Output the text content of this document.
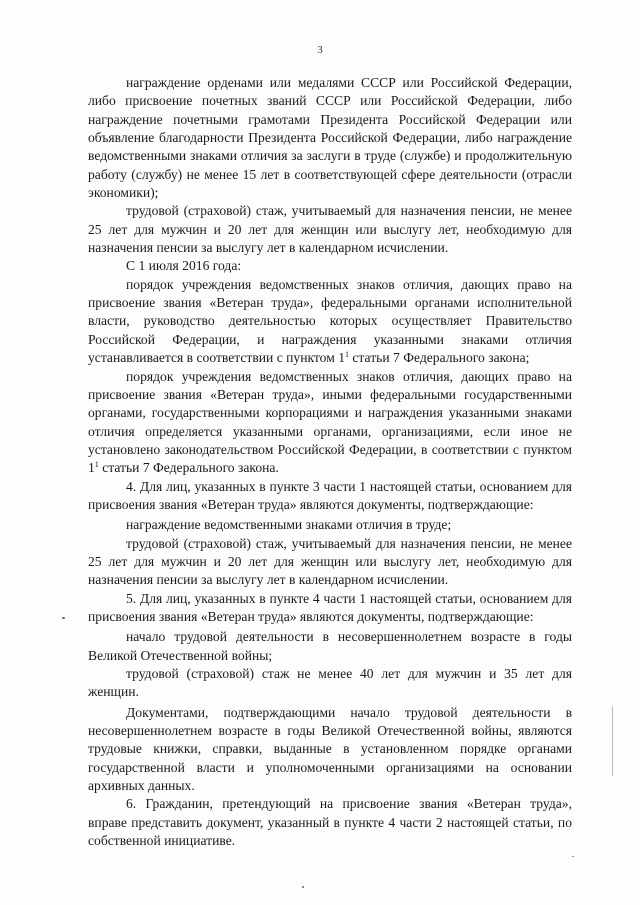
3

награждение орденами или медалями СССР или Российской Федерации, либо присвоение почетных званий СССР или Российской Федерации, либо награждение почетными грамотами Президента Российской Федерации или объявление благодарности Президента Российской Федерации, либо награждение ведомственными знаками отличия за заслуги в труде (службе) и продолжительную работу (службу) не менее 15 лет в соответствующей сфере деятельности (отрасли экономики);

трудовой (страховой) стаж, учитываемый для назначения пенсии, не менее 25 лет для мужчин и 20 лет для женщин или выслугу лет, необходимую для назначения пенсии за выслугу лет в календарном исчислении.

С 1 июля 2016 года:

порядок учреждения ведомственных знаков отличия, дающих право на присвоение звания «Ветеран труда», федеральными органами исполнительной власти, руководство деятельностью которых осуществляет Правительство Российской Федерации, и награждения указанными знаками отличия устанавливается в соответствии с пунктом $1^1$ статьи 7 Федерального закона;

порядок учреждения ведомственных знаков отличия, дающих право на присвоение звания «Ветеран труда», иными федеральными государственными органами, государственными корпорациями и награждения указанными знаками отличия определяется указанными органами, организациями, если иное не установлено законодательством Российской Федерации, в соответствии с пунктом $1^1$ статьи 7 Федерального закона.

4. Для лиц, указанных в пункте 3 части 1 настоящей статьи, основанием для присвоения звания «Ветеран труда» являются документы, подтверждающие:

награждение ведомственными знаками отличия в труде;

трудовой (страховой) стаж, учитываемый для назначения пенсии, не менее 25 лет для мужчин и 20 лет для женщин или выслугу лет, необходимую для назначения пенсии за выслугу лет в календарном исчислении.

5. Для лиц, указанных в пункте 4 части 1 настоящей статьи, основанием для присвоения звания «Ветеран труда» являются документы, подтверждающие:

начало трудовой деятельности в несовершеннолетнем возрасте в годы Великой Отечественной войны;

трудовой (страховой) стаж не менее 40 лет для мужчин и 35 лет для женщин.

Документами, подтверждающими начало трудовой деятельности в несовершеннолетнем возрасте в годы Великой Отечественной войны, являются трудовые книжки, справки, выданные в установленном порядке органами государственной власти и уполномоченными организациями на основании архивных данных.

6. Гражданин, претендующий на присвоение звания «Ветеран труда», вправе представить документ, указанный в пункте 4 части 2 настоящей статьи, по собственной инициативе.
